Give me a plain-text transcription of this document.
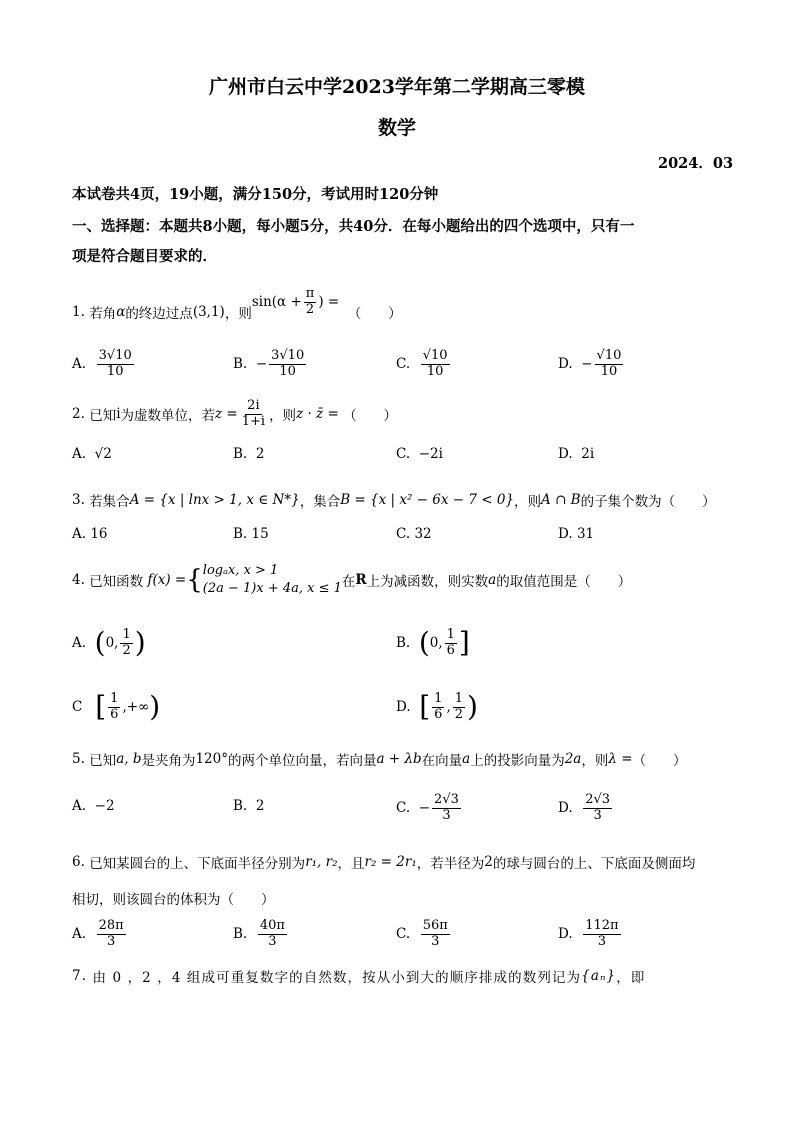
广州市白云中学2023学年第二学期高三零模
数学
2024．03
本试卷共4页，19小题，满分150分，考试用时120分钟
一、选择题：本题共8小题，每小题5分，共40分．在每小题给出的四个选项中，只有一
项是符合题目要求的．
1.
若角 α 的终边过点 (3,1) ，则
$\sin(\alpha + \frac{\pi}{2}$ ) =

（　　）
A.
$\frac{3√10}{10}$	B.
− $\frac{3√10}{10}$	C.
$\frac{√10}{10}$	D.
− $\frac{√10}{10}$
2.
已知 i 为虚数单位，若 $z = \frac{2i}{1+i}$ ，则 z · z̄ =
（　　）
A. √2	B. 2	C. −2i	D. 2i
3.
若集合 A = {x | lnx > 1, x ∈ N*} ，集合 B = {x | x² − 6x − 7 < 0} ，则 A ∩ B 的子集个数为（　　）
A. 16	B. 15	C. 32	D. 31
4.
已知函数
f(x) = { logₐx, x > 1
(2a − 1)x + 4a, x ≤ 1 在 R 上为减函数，则实数 a 的取值范围是（　　）
A.
( 0, $\frac{1}{2}$ )	B.
( 0, $\frac{1}{6}$ ]
C
[ $\frac{1}{6}$ ,+∞ )	D.
[ $\frac{1}{6}$ , $\frac{1}{2}$ )
5.
已知 a, b 是夹角为 120° 的两个单位向量，若向量 a + λb 在向量 a 上的投影向量为 2a ，则 λ = （　　）
A. −2	B. 2	C.
− $\frac{2√3}{3}$	D.
$\frac{2√3}{3}$
6.
已知某圆台的上、下底面半径分别为 r₁, r₂ ，且 r₂ = 2r₁ ，若半径为 2 的球与圆台的上、下底面及侧面均
相切，则该圆台的体积为（　　）
A.
$\frac{28\pi}{3}$	B.
$\frac{40\pi}{3}$	C.
$\frac{56\pi}{3}$	D.
$\frac{112\pi}{3}$
7.
由 0 ，2 ，4 组成可重复数字的自然数，按从小到大的顺序排成的数列记为 {aₙ} ，即
